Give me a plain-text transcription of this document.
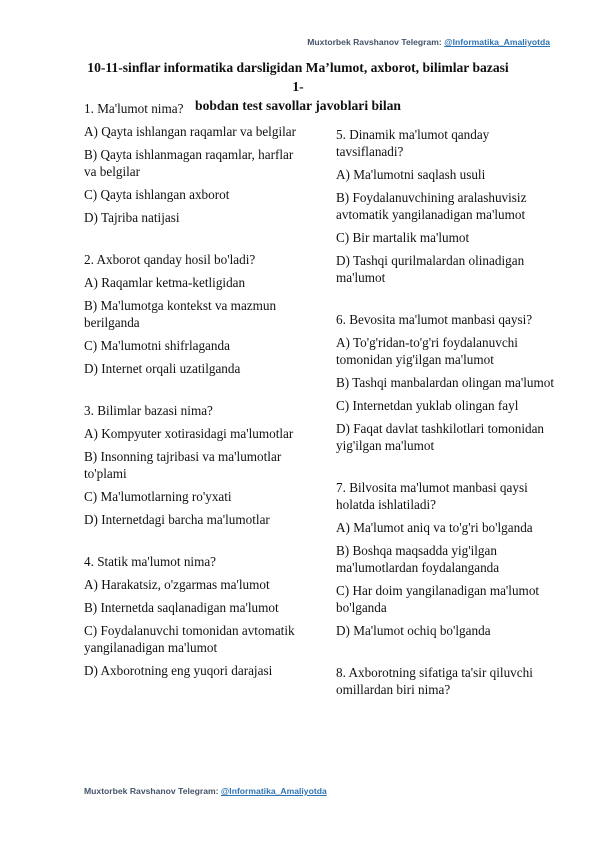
Muxtorbek Ravshanov Telegram: @Informatika_Amaliyotda
10-11-sinflar informatika darsligidan Ma’lumot, axborot, bilimlar bazasi 1-
bobdan test savollar javoblari bilan
1. Ma'lumot nima?
A) Qayta ishlangan raqamlar va belgilar
B) Qayta ishlanmagan raqamlar, harflar va belgilar
C) Qayta ishlangan axborot
D) Tajriba natijasi
2. Axborot qanday hosil bo'ladi?
A) Raqamlar ketma-ketligidan
B) Ma'lumotga kontekst va mazmun berilganda
C) Ma'lumotni shifrlaganda
D) Internet orqali uzatilganda
3. Bilimlar bazasi nima?
A) Kompyuter xotirasidagi ma'lumotlar
B) Insonning tajribasi va ma'lumotlar to'plami
C) Ma'lumotlarning ro'yxati
D) Internetdagi barcha ma'lumotlar
4. Statik ma'lumot nima?
A) Harakatsiz, o'zgarmas ma'lumot
B) Internetda saqlanadigan ma'lumot
C) Foydalanuvchi tomonidan avtomatik yangilanadigan ma'lumot
D) Axborotning eng yuqori darajasi
5. Dinamik ma'lumot qanday tavsiflanadi?
A) Ma'lumotni saqlash usuli
B) Foydalanuvchining aralashuvisiz avtomatik yangilanadigan ma'lumot
C) Bir martalik ma'lumot
D) Tashqi qurilmalardan olinadigan ma'lumot
6. Bevosita ma'lumot manbasi qaysi?
A) To'g'ridan-to'g'ri foydalanuvchi tomonidan yig'ilgan ma'lumot
B) Tashqi manbalardan olingan ma'lumot
C) Internetdan yuklab olingan fayl
D) Faqat davlat tashkilotlari tomonidan yig'ilgan ma'lumot
7. Bilvosita ma'lumot manbasi qaysi holatda ishlatiladi?
A) Ma'lumot aniq va to'g'ri bo'lganda
B) Boshqa maqsadda yig'ilgan ma'lumotlardan foydalanganda
C) Har doim yangilanadigan ma'lumot bo'lganda
D) Ma'lumot ochiq bo'lganda
8. Axborotning sifatiga ta'sir qiluvchi omillardan biri nima?
Muxtorbek Ravshanov Telegram: @Informatika_Amaliyotda
